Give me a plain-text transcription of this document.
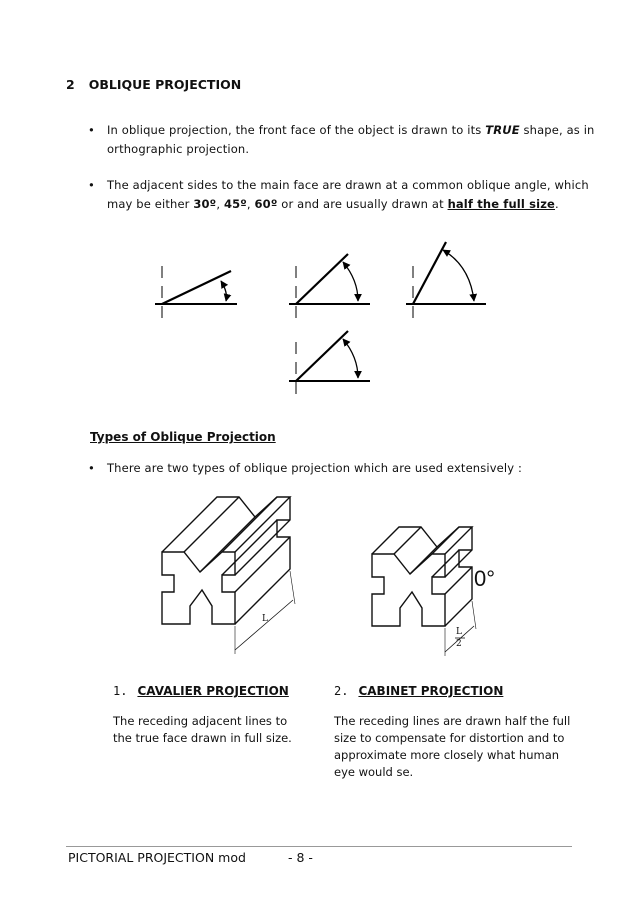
2 OBLIQUE PROJECTION
• In oblique projection, the front face of the object is drawn to its TRUE shape, as in
orthographic projection.
• The adjacent sides to the main face are drawn at a common oblique angle, which
may be either 30º, 45º, 60º or and are usually drawn at half the full size.
Types of Oblique Projection
• There are two types of oblique projection which are used extensively :
L
L
2
0°
1. CAVALIER PROJECTION
The receding adjacent lines to
the true face drawn in full size.
2. CABINET PROJECTION
The receding lines are drawn half the full
size to compensate for distortion and to
approximate more closely what human
eye would se.
PICTORIAL PROJECTION mod	- 8 -
